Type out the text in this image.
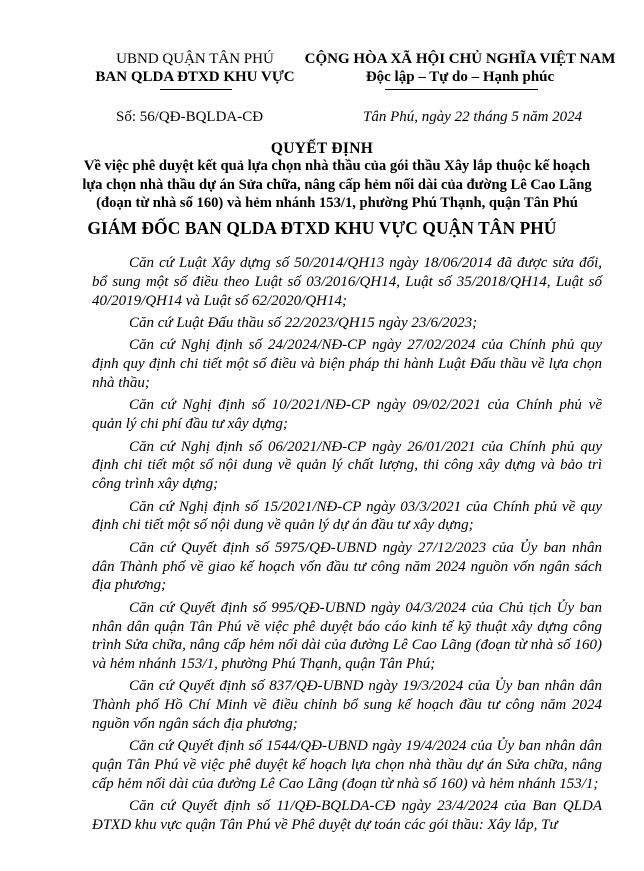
UBND QUẬN TÂN PHÚ
BAN QLDA ĐTXD KHU VỰC
CỘNG HÒA XÃ HỘI CHỦ NGHĨA VIỆT NAM
Độc lập – Tự do – Hạnh phúc
Số: 56/QĐ-BQLDA-CĐ	Tân Phú, ngày 22 tháng 5 năm 2024
QUYẾT ĐỊNH
Về việc phê duyệt kết quả lựa chọn nhà thầu của gói thầu Xây lắp thuộc kế hoạch
lựa chọn nhà thầu dự án Sửa chữa, nâng cấp hẻm nối dài của đường Lê Cao Lãng
(đoạn từ nhà số 160) và hẻm nhánh 153/1, phường Phú Thạnh, quận Tân Phú
GIÁM ĐỐC BAN QLDA ĐTXD KHU VỰC QUẬN TÂN PHÚ

Căn cứ Luật Xây dựng số 50/2014/QH13 ngày 18/06/2014 đã được sửa đổi, bổ sung một số điều theo Luật số 03/2016/QH14, Luật số 35/2018/QH14, Luật số 40/2019/QH14 và Luật số 62/2020/QH14;

Căn cứ Luật Đấu thầu số 22/2023/QH15 ngày 23/6/2023;

Căn cứ Nghị định số 24/2024/NĐ-CP ngày 27/02/2024 của Chính phủ quy định quy định chi tiết một số điều và biện pháp thi hành Luật Đấu thầu về lựa chọn nhà thầu;

Căn cứ Nghị định số 10/2021/NĐ-CP ngày 09/02/2021 của Chính phủ về quản lý chi phí đầu tư xây dựng;

Căn cứ Nghị định số 06/2021/NĐ-CP ngày 26/01/2021 của Chính phủ quy định chi tiết một số nội dung về quản lý chất lượng, thi công xây dựng và bảo trì công trình xây dựng;

Căn cứ Nghị định số 15/2021/NĐ-CP ngày 03/3/2021 của Chính phủ về quy định chi tiết một số nội dung về quản lý dự án đầu tư xây dựng;

Căn cứ Quyết định số 5975/QĐ-UBND ngày 27/12/2023 của Ủy ban nhân dân Thành phố về giao kế hoạch vốn đầu tư công năm 2024 nguồn vốn ngân sách địa phương;

Căn cứ Quyết định số 995/QĐ-UBND ngày 04/3/2024 của Chủ tịch Ủy ban nhân dân quận Tân Phú về việc phê duyệt báo cáo kinh tế kỹ thuật xây dựng công trình Sửa chữa, nâng cấp hẻm nối dài của đường Lê Cao Lãng (đoạn từ nhà số 160) và hẻm nhánh 153/1, phường Phú Thạnh, quận Tân Phú;

Căn cứ Quyết định số 837/QĐ-UBND ngày 19/3/2024 của Ủy ban nhân dân Thành phố Hồ Chí Minh về điều chỉnh bổ sung kế hoạch đầu tư công năm 2024 nguồn vốn ngân sách địa phương;

Căn cứ Quyết định số 1544/QĐ-UBND ngày 19/4/2024 của Ủy ban nhân dân quận Tân Phú về việc phê duyệt kế hoạch lựa chọn nhà thầu dự án Sửa chữa, nâng cấp hẻm nối dài của đường Lê Cao Lãng (đoạn từ nhà số 160) và hẻm nhánh 153/1;

Căn cứ Quyết định số 11/QĐ-BQLDA-CĐ ngày 23/4/2024 của Ban QLDA ĐTXD khu vực quận Tân Phú về Phê duyệt dự toán các gói thầu: Xây lắp, Tư
